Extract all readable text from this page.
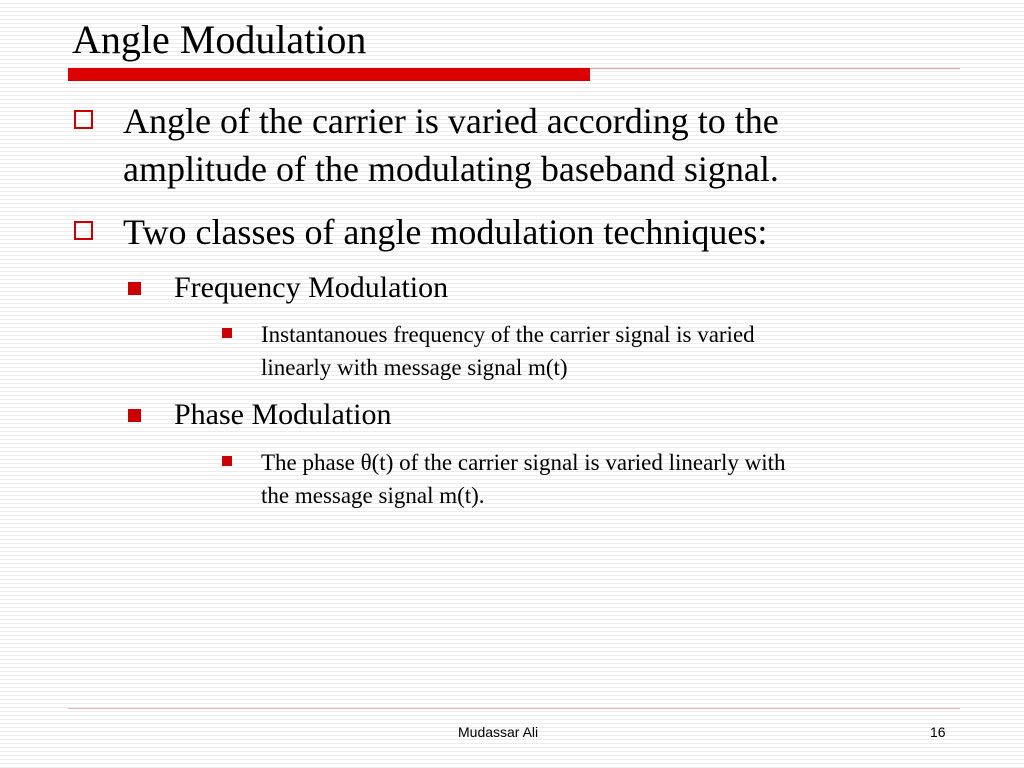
Angle Modulation
Angle of the carrier is varied according to the
amplitude of the modulating baseband signal.
Two classes of angle modulation techniques:
Frequency Modulation
Instantanoues frequency of the carrier signal is varied
linearly with message signal m(t)
Phase Modulation
The phase θ(t) of the carrier signal is varied linearly with
the message signal m(t).
Mudassar Ali	16
